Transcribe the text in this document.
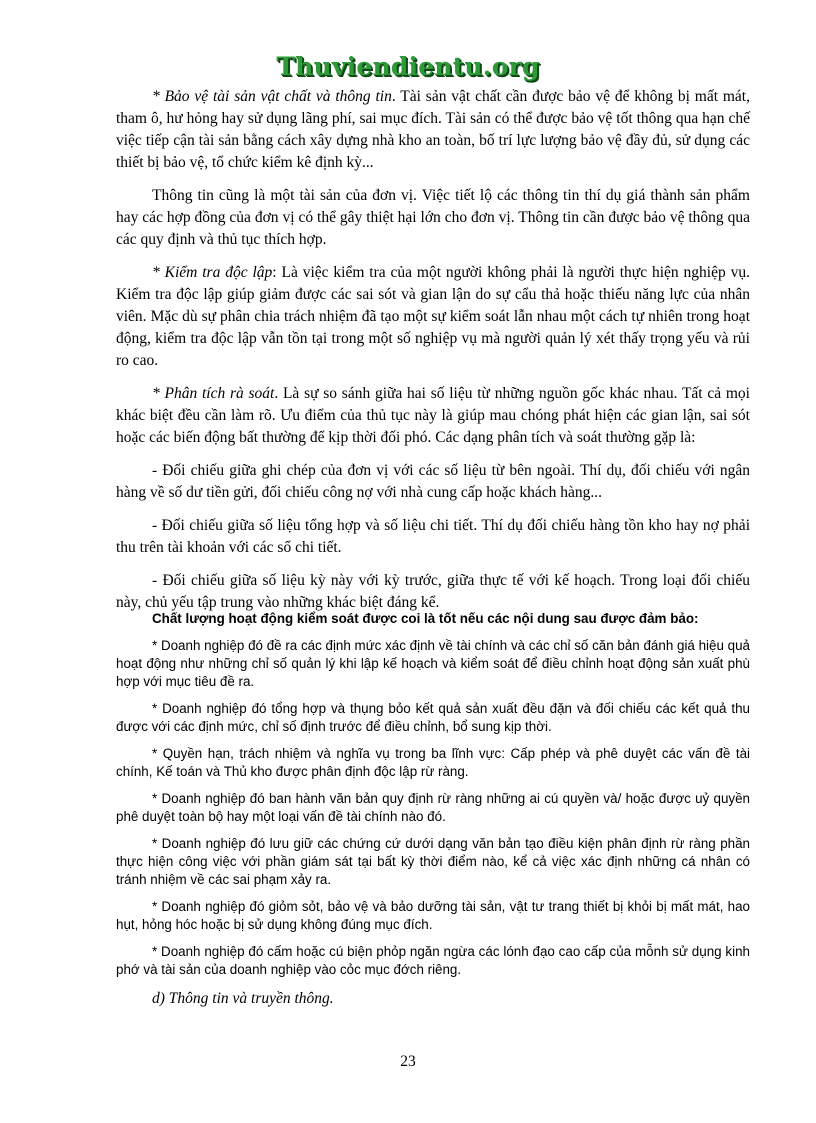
Thuviendientu.org

* Bảo vệ tài sản vật chất và thông tin. Tài sản vật chất cần được bảo vệ để không bị mất mát, tham ô, hư hỏng hay sử dụng lãng phí, sai mục đích. Tài sản có thể được bảo vệ tốt thông qua hạn chế việc tiếp cận tài sản bằng cách xây dựng nhà kho an toàn, bố trí lực lượng bảo vệ đầy đủ, sử dụng các thiết bị bảo vệ, tổ chức kiểm kê định kỳ...

Thông tin cũng là một tài sản của đơn vị. Việc tiết lộ các thông tin thí dụ giá thành sản phẩm hay các hợp đồng của đơn vị có thể gây thiệt hại lớn cho đơn vị. Thông tin cần được bảo vệ thông qua các quy định và thủ tục thích hợp.

* Kiểm tra độc lập: Là việc kiểm tra của một người không phải là người thực hiện nghiệp vụ. Kiểm tra độc lập giúp giảm được các sai sót và gian lận do sự cẩu thả hoặc thiếu năng lực của nhân viên. Mặc dù sự phân chia trách nhiệm đã tạo một sự kiểm soát lẫn nhau một cách tự nhiên trong hoạt động, kiểm tra độc lập vẫn tồn tại trong một số nghiệp vụ mà người quản lý xét thấy trọng yếu và rủi ro cao.

* Phân tích rà soát. Là sự so sánh giữa hai số liệu từ những nguồn gốc khác nhau. Tất cả mọi khác biệt đều cần làm rõ. Ưu điểm của thủ tục này là giúp mau chóng phát hiện các gian lận, sai sót hoặc các biến động bất thường để kịp thời đối phó. Các dạng phân tích và soát thường gặp là:

- Đối chiếu giữa ghi chép của đơn vị với các số liệu từ bên ngoài. Thí dụ, đối chiếu với ngân hàng về số dư tiền gửi, đối chiếu công nợ với nhà cung cấp hoặc khách hàng...

- Đối chiếu giữa số liệu tổng hợp và số liệu chi tiết. Thí dụ đối chiếu hàng tồn kho hay nợ phải thu trên tài khoản với các sổ chi tiết.

- Đối chiếu giữa số liệu kỳ này với kỳ trước, giữa thực tế với kế hoạch. Trong loại đối chiếu này, chủ yếu tập trung vào những khác biệt đáng kể.

Chất lượng hoạt động kiểm soát được coi là tốt nếu các nội dung sau được đảm bảo:

* Doanh nghiệp đó đề ra các định mức xác định về tài chính và các chỉ số căn bản đánh giá hiệu quả hoạt động như những chỉ số quản lý khi lập kế hoạch và kiểm soát để điều chỉnh hoạt động sản xuất phù hợp với mục tiêu đề ra.

* Doanh nghiệp đó tổng hợp và thụng bỏo kết quả sản xuất đều đặn và đối chiếu các kết quả thu được với các định mức, chỉ số định trước để điều chỉnh, bổ sung kịp thời.

* Quyền hạn, trách nhiệm và nghĩa vụ trong ba lĩnh vực: Cấp phép và phê duyệt các vấn đề tài chính, Kế toán và Thủ kho được phân định độc lập rừ ràng.

* Doanh nghiệp đó ban hành văn bản quy định rừ ràng những ai cú quyền và/ hoặc được uỷ quyền phê duyệt toàn bộ hay một loại vấn đề tài chính nào đó.

* Doanh nghiệp đó lưu giữ các chứng cứ dưới dạng văn bản tạo điều kiện phân định rừ ràng phần thực hiện công việc với phần giám sát tại bất kỳ thời điểm nào, kể cả việc xác định những cá nhân có tránh nhiệm về các sai phạm xảy ra.

* Doanh nghiệp đó giỏm sỏt, bảo vệ và bảo dưỡng tài sản, vật tư trang thiết bị khỏi bị mất mát, hao hụt, hỏng hóc hoặc bị sử dụng không đúng mục đích.

* Doanh nghiệp đó cấm hoặc cú biện phỏp ngăn ngừa các lónh đạo cao cấp của mỗnh sử dụng kinh phớ và tài sản của doanh nghiệp vào cỏc mục đớch riêng.

d) Thông tin và truyền thông.

23
